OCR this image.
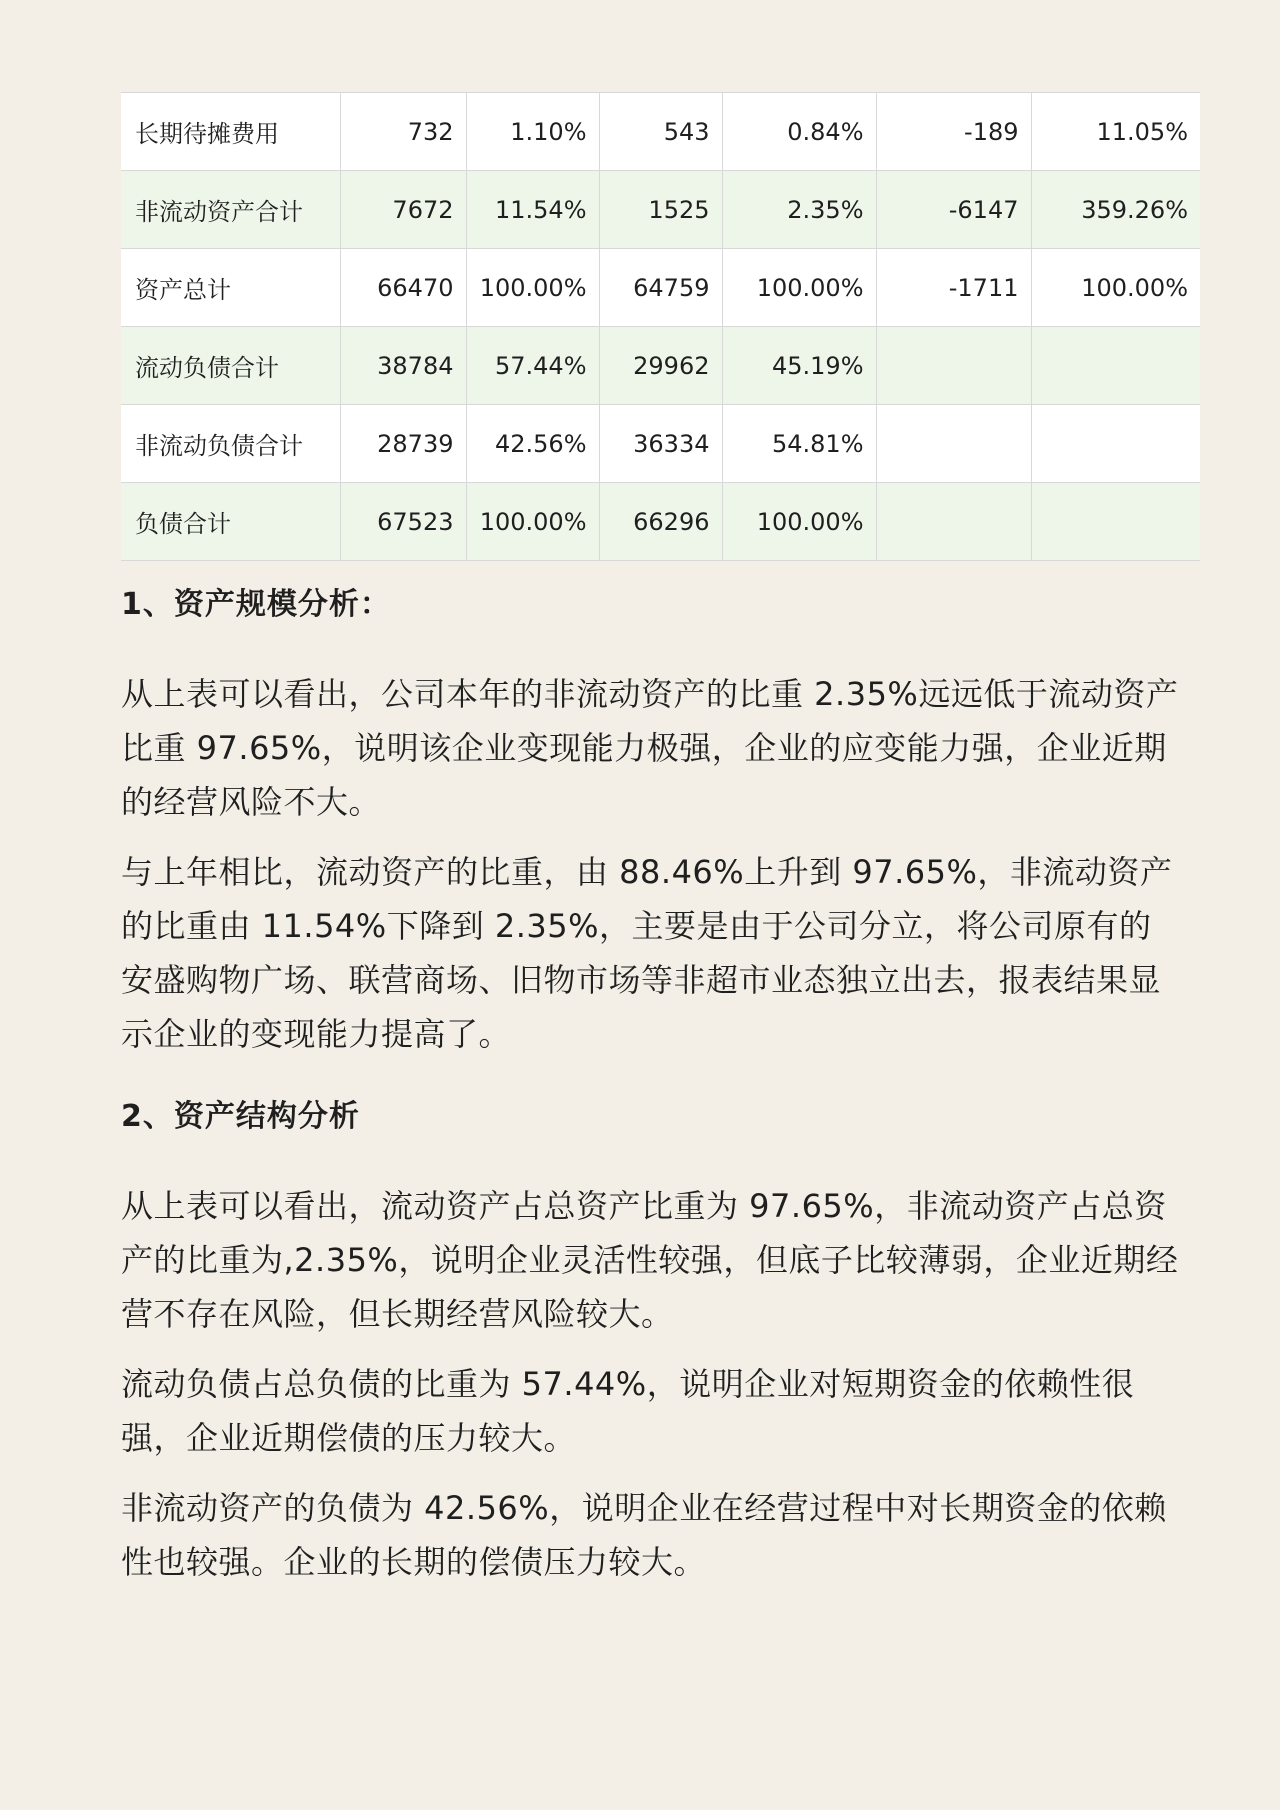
长期待摊费用	732	1.10%	543	0.84%	-189	11.05%
非流动资产合计	7672	11.54%	1525	2.35%	-6147	359.26%
资产总计	66470	100.00%	64759	100.00%	-1711	100.00%
流动负债合计	38784	57.44%	29962	45.19%		
非流动负债合计	28739	42.56%	36334	54.81%		
负债合计	67523	100.00%	66296	100.00%		
1、资产规模分析：

从上表可以看出，公司本年的非流动资产的比重 2.35%远远低于流动资产比重 97.65%，说明该企业变现能力极强，企业的应变能力强，企业近期的经营风险不大。

与上年相比，流动资产的比重，由 88.46%上升到 97.65%，非流动资产的比重由 11.54%下降到 2.35%，主要是由于公司分立，将公司原有的安盛购物广场、联营商场、旧物市场等非超市业态独立出去，报表结果显示企业的变现能力提高了。

2、资产结构分析

从上表可以看出，流动资产占总资产比重为 97.65%，非流动资产占总资产的比重为,2.35%，说明企业灵活性较强，但底子比较薄弱，企业近期经营不存在风险，但长期经营风险较大。

流动负债占总负债的比重为 57.44%，说明企业对短期资金的依赖性很强，企业近期偿债的压力较大。

非流动资产的负债为 42.56%，说明企业在经营过程中对长期资金的依赖性也较强。企业的长期的偿债压力较大。
